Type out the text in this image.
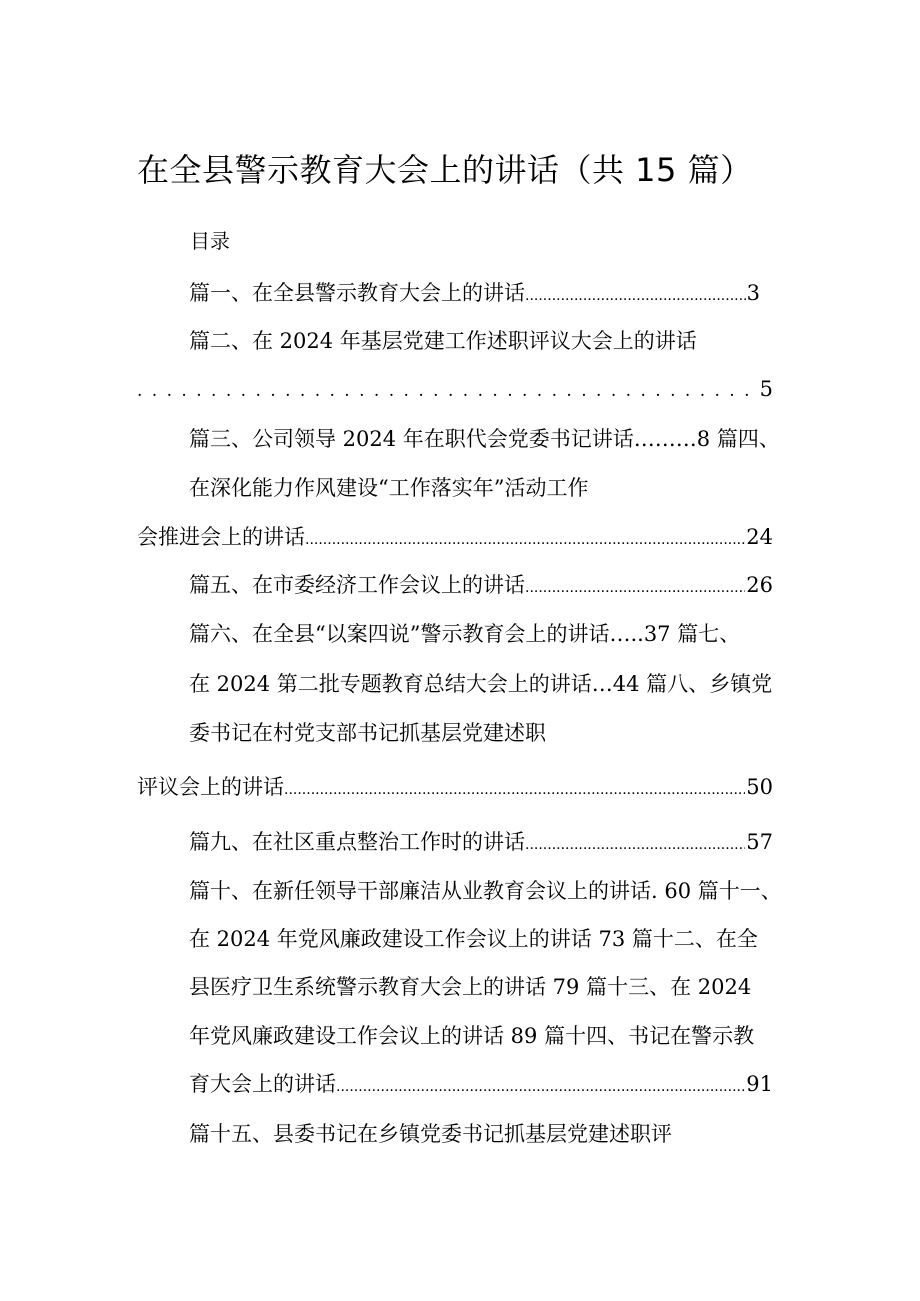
在全县警示教育大会上的讲话（共 15 篇）
目录
篇一、在全县警示教育大会上的讲话 .....	3
篇二、在 2024 年基层党建工作述职评议大会上的讲话
. . .
5
篇三、公司领导 2024 年在职代会党委书记讲话………8 篇四、
在深化能力作风建设“工作落实年”活动工作
会推进会上的讲话 .....	24
篇五、在市委经济工作会议上的讲话 .....	26
篇六、在全县“以案四说”警示教育会上的讲话…..37 篇七、
在 2024 第二批专题教育总结大会上的讲话…44 篇八、乡镇党
委书记在村党支部书记抓基层党建述职
评议会上的讲话 .....	50
篇九、在社区重点整治工作时的讲话 .....	57
篇十、在新任领导干部廉洁从业教育会议上的讲话. 60 篇十一、
在 2024 年党风廉政建设工作会议上的讲话 73 篇十二、在全
县医疗卫生系统警示教育大会上的讲话 79 篇十三、在 2024
年党风廉政建设工作会议上的讲话 89 篇十四、书记在警示教
育大会上的讲话 .....	91
篇十五、县委书记在乡镇党委书记抓基层党建述职评
